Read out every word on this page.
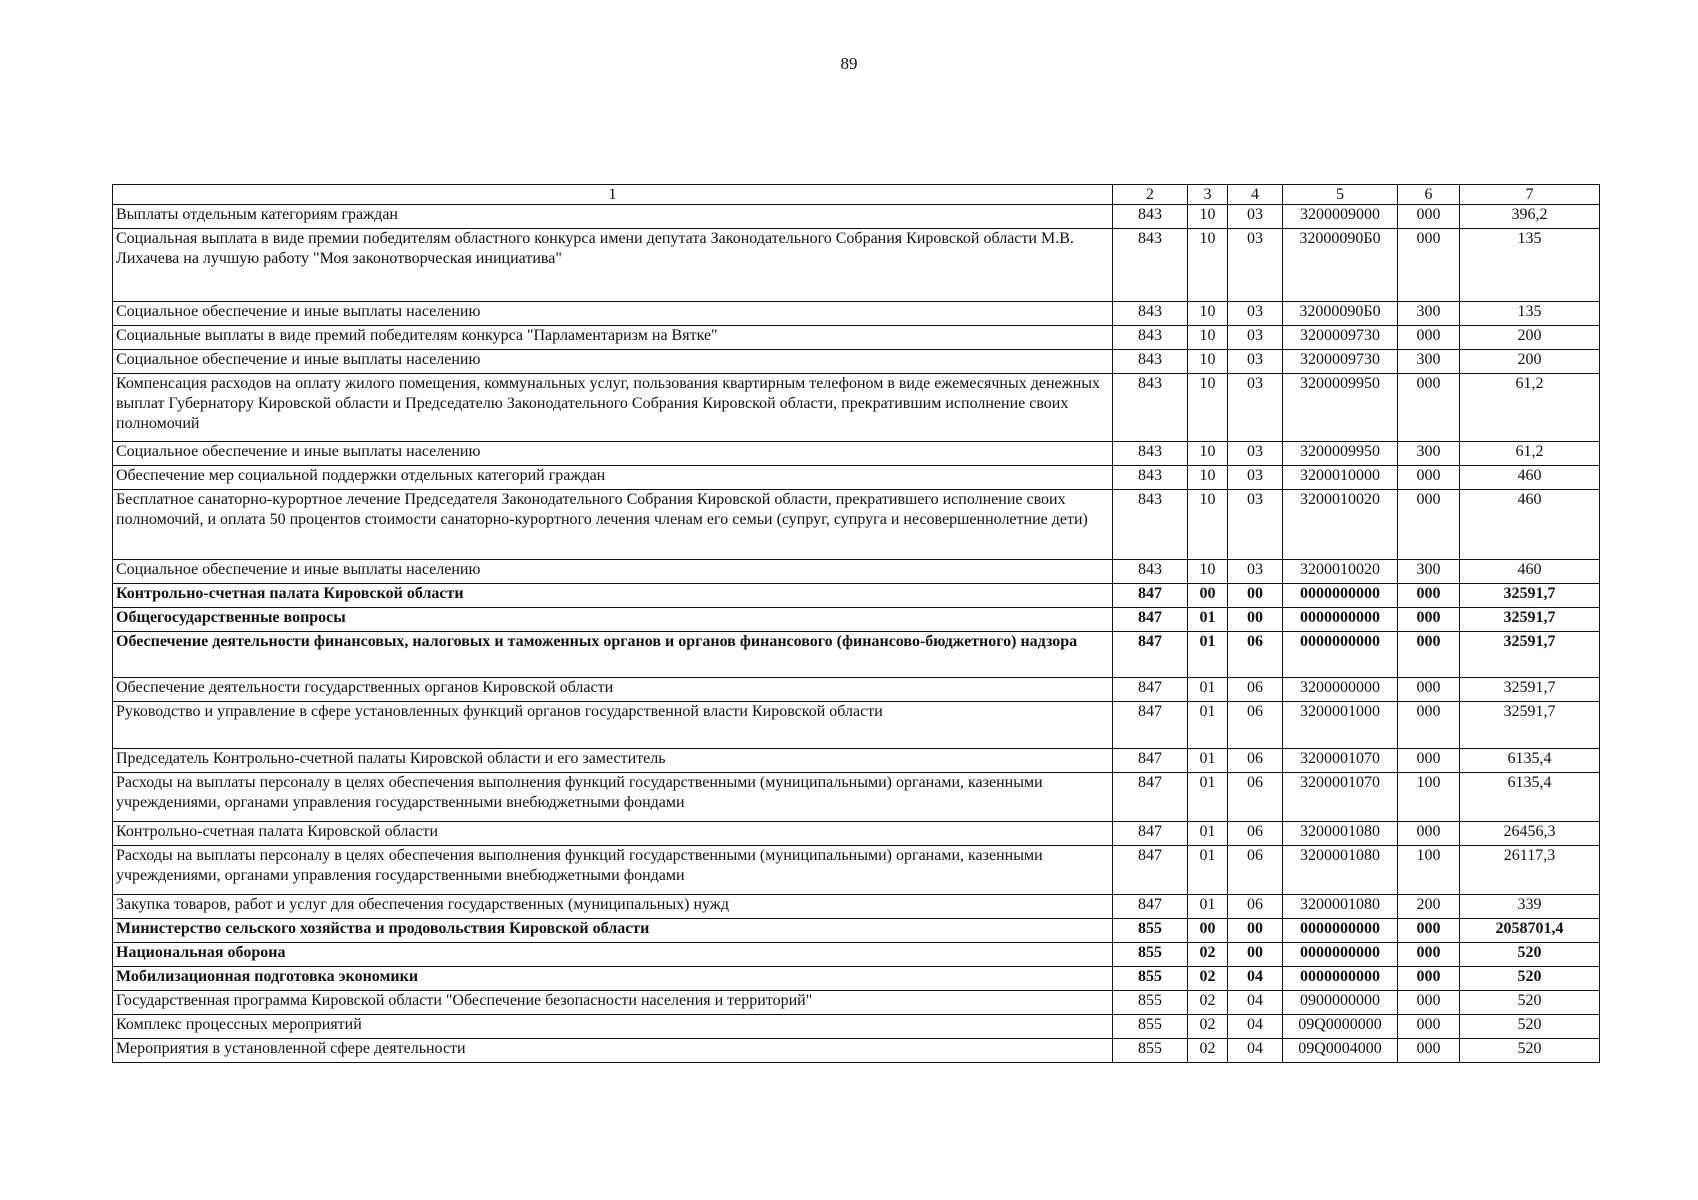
89
1	2	3	4	5	6	7
Выплаты отдельным категориям граждан	843	10	03	3200009000	000	396,2
Социальная выплата в виде премии победителям областного конкурса имени депутата Законодательного Собрания Кировской области М.В. Лихачева на лучшую работу "Моя законотворческая инициатива"	843	10	03	32000090Б0	000	135
Социальное обеспечение и иные выплаты населению	843	10	03	32000090Б0	300	135
Социальные выплаты в виде премий победителям конкурса "Парламентаризм на Вятке"	843	10	03	3200009730	000	200
Социальное обеспечение и иные выплаты населению	843	10	03	3200009730	300	200
Компенсация расходов на оплату жилого помещения, коммунальных услуг, пользования квартирным телефоном в виде ежемесячных денежных выплат Губернатору Кировской области и Председателю Законодательного Собрания Кировской области, прекратившим исполнение своих полномочий	843	10	03	3200009950	000	61,2
Социальное обеспечение и иные выплаты населению	843	10	03	3200009950	300	61,2
Обеспечение мер социальной поддержки отдельных категорий граждан	843	10	03	3200010000	000	460
Бесплатное санаторно-курортное лечение Председателя Законодательного Собрания Кировской области, прекратившего исполнение своих полномочий, и оплата 50 процентов стоимости санаторно-курортного лечения членам его семьи (супруг, супруга и несовершеннолетние дети)	843	10	03	3200010020	000	460
Социальное обеспечение и иные выплаты населению	843	10	03	3200010020	300	460
Контрольно-счетная палата Кировской области	847	00	00	0000000000	000	32591,7
Общегосударственные вопросы	847	01	00	0000000000	000	32591,7
Обеспечение деятельности финансовых, налоговых и таможенных органов и органов финансового (финансово-бюджетного) надзора	847	01	06	0000000000	000	32591,7
Обеспечение деятельности государственных органов Кировской области	847	01	06	3200000000	000	32591,7
Руководство и управление в сфере установленных функций органов государственной власти Кировской области	847	01	06	3200001000	000	32591,7
Председатель Контрольно-счетной палаты Кировской области и его заместитель	847	01	06	3200001070	000	6135,4
Расходы на выплаты персоналу в целях обеспечения выполнения функций государственными (муниципальными) органами, казенными учреждениями, органами управления государственными внебюджетными фондами	847	01	06	3200001070	100	6135,4
Контрольно-счетная палата Кировской области	847	01	06	3200001080	000	26456,3
Расходы на выплаты персоналу в целях обеспечения выполнения функций государственными (муниципальными) органами, казенными учреждениями, органами управления государственными внебюджетными фондами	847	01	06	3200001080	100	26117,3
Закупка товаров, работ и услуг для обеспечения государственных (муниципальных) нужд	847	01	06	3200001080	200	339
Министерство сельского хозяйства и продовольствия Кировской области	855	00	00	0000000000	000	2058701,4
Национальная оборона	855	02	00	0000000000	000	520
Мобилизационная подготовка экономики	855	02	04	0000000000	000	520
Государственная программа Кировской области "Обеспечение безопасности населения и территорий"	855	02	04	0900000000	000	520
Комплекс процессных мероприятий	855	02	04	09Q0000000	000	520
Мероприятия в установленной сфере деятельности	855	02	04	09Q0004000	000	520
